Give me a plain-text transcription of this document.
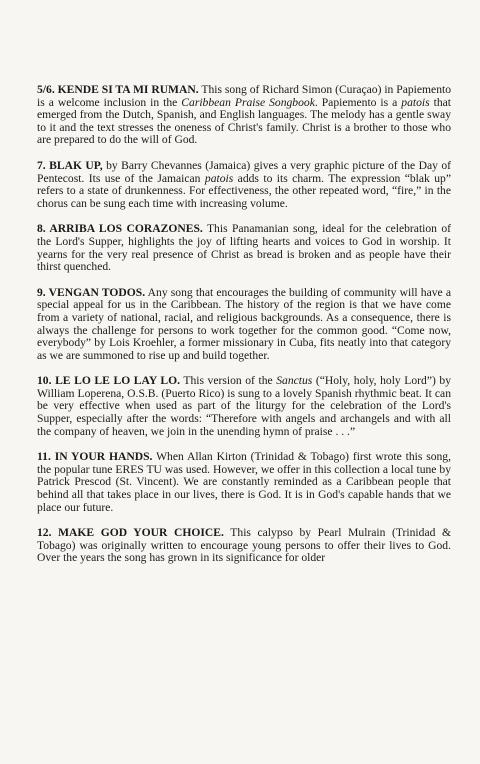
5/6. KENDE SI TA MI RUMAN. This song of Richard Simon (Curaçao) in Papiemento is a welcome inclusion in the Caribbean Praise Songbook. Papiemento is a patois that emerged from the Dutch, Spanish, and English languages. The melody has a gentle sway to it and the text stresses the oneness of Christ's family. Christ is a brother to those who are prepared to do the will of God.

7. BLAK UP, by Barry Chevannes (Jamaica) gives a very graphic picture of the Day of Pentecost. Its use of the Jamaican patois adds to its charm. The expression “blak up” refers to a state of drunkenness. For effectiveness, the other repeated word, “fire,” in the chorus can be sung each time with increasing volume.

8. ARRIBA LOS CORAZONES. This Panamanian song, ideal for the celebration of the Lord's Supper, highlights the joy of lifting hearts and voices to God in worship. It yearns for the very real presence of Christ as bread is broken and as people have their thirst quenched.

9. VENGAN TODOS. Any song that encourages the building of community will have a special appeal for us in the Caribbean. The history of the region is that we have come from a variety of national, racial, and religious backgrounds. As a consequence, there is always the challenge for persons to work together for the common good. “Come now, everybody” by Lois Kroehler, a former missionary in Cuba, fits neatly into that category as we are summoned to rise up and build together.

10. LE LO LE LO LAY LO. This version of the Sanctus (“Holy, holy, holy Lord”) by William Loperena, O.S.B. (Puerto Rico) is sung to a lovely Spanish rhythmic beat. It can be very effective when used as part of the liturgy for the celebration of the Lord's Supper, especially after the words: “Therefore with angels and archangels and with all the company of heaven, we join in the unending hymn of praise . . .”

11. IN YOUR HANDS. When Allan Kirton (Trinidad & Tobago) first wrote this song, the popular tune ERES TU was used. However, we offer in this collection a local tune by Patrick Prescod (St. Vincent). We are constantly reminded as a Caribbean people that behind all that takes place in our lives, there is God. It is in God's capable hands that we place our future.

12. MAKE GOD YOUR CHOICE. This calypso by Pearl Mulrain (Trinidad & Tobago) was originally written to encourage young persons to offer their lives to God. Over the years the song has grown in its significance for older
